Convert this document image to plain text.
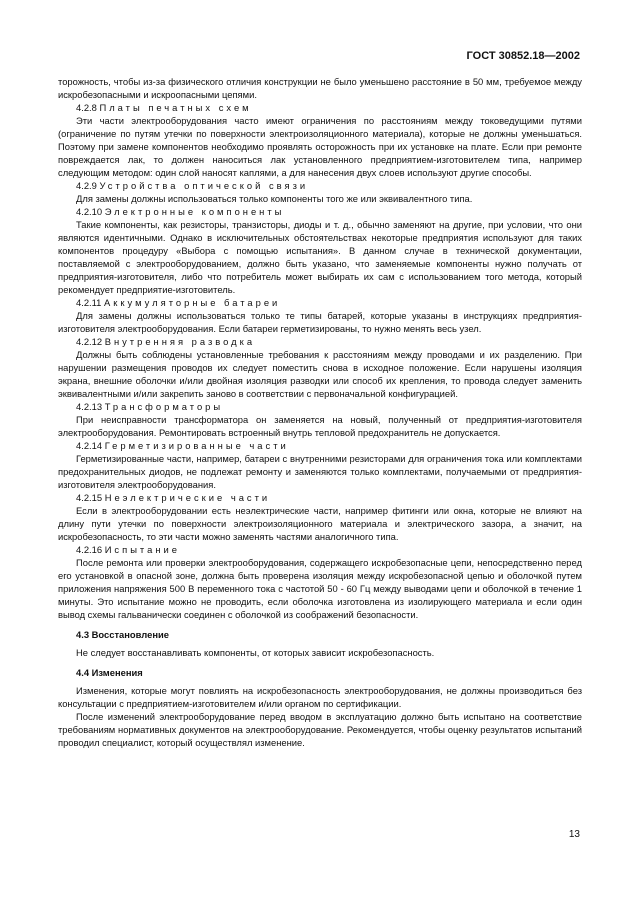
ГОСТ 30852.18—2002

торожность, чтобы из-за физического отличия конструкции не было уменьшено расстояние в 50 мм, требуемое между искробезопасными и искроопасными цепями.

4.2.8 Платы печатных схем

Эти части электрооборудования часто имеют ограничения по расстояниям между токоведущими путями (ограничение по путям утечки по поверхности электроизоляционного материала), которые не должны уменьшаться. Поэтому при замене компонентов необходимо проявлять осторожность при их установке на плате. Если при ремонте повреждается лак, то должен наноситься лак установленного предприятием-изготовителем типа, например следующим методом: один слой наносят каплями, а для нанесения двух слоев используют другие способы.

4.2.9 Устройства оптической связи

Для замены должны использоваться только компоненты того же или эквивалентного типа.

4.2.10 Электронные компоненты

Такие компоненты, как резисторы, транзисторы, диоды и т. д., обычно заменяют на другие, при условии, что они являются идентичными. Однако в исключительных обстоятельствах некоторые предприятия используют для таких компонентов процедуру «Выбора с помощью испытания». В данном случае в технической документации, поставляемой с электрооборудованием, должно быть указано, что заменяемые компоненты нужно получать от предприятия-изготовителя, либо что потребитель может выбирать их сам с использованием того метода, который рекомендует предприятие-изготовитель.

4.2.11 Аккумуляторные батареи

Для замены должны использоваться только те типы батарей, которые указаны в инструкциях предприятия-изготовителя электрооборудования. Если батареи герметизированы, то нужно менять весь узел.

4.2.12 Внутренняя разводка

Должны быть соблюдены установленные требования к расстояниям между проводами и их разделению. При нарушении размещения проводов их следует поместить снова в исходное положение. Если нарушены изоляция экрана, внешние оболочки и/или двойная изоляция разводки или способ их крепления, то провода следует заменить эквивалентными и/или закрепить заново в соответствии с первоначальной конфигурацией.

4.2.13 Трансформаторы

При неисправности трансформатора он заменяется на новый, полученный от предприятия-изготовителя электрооборудования. Ремонтировать встроенный внутрь тепловой предохранитель не допускается.

4.2.14 Герметизированные части

Герметизированные части, например, батареи с внутренними резисторами для ограничения тока или комплектами предохранительных диодов, не подлежат ремонту и заменяются только комплектами, получаемыми от предприятия-изготовителя электрооборудования.

4.2.15 Неэлектрические части

Если в электрооборудовании есть неэлектрические части, например фитинги или окна, которые не влияют на длину пути утечки по поверхности электроизоляционного материала и электрического зазора, а значит, на искробезопасность, то эти части можно заменять частями аналогичного типа.

4.2.16 Испытание

После ремонта или проверки электрооборудования, содержащего искробезопасные цепи, непосредственно перед его установкой в опасной зоне, должна быть проверена изоляция между искробезопасной цепью и оболочкой путем приложения напряжения 500 В переменного тока с частотой 50 - 60 Гц между выводами цепи и оболочкой в течение 1 минуты. Это испытание можно не проводить, если оболочка изготовлена из изолирующего материала и если один вывод схемы гальванически соединен с оболочкой из соображений безопасности.

4.3 Восстановление

Не следует восстанавливать компоненты, от которых зависит искробезопасность.

4.4 Изменения

Изменения, которые могут повлиять на искробезопасность электрооборудования, не должны производиться без консультации с предприятием-изготовителем и/или органом по сертификации.

После изменений электрооборудование перед вводом в эксплуатацию должно быть испытано на соответствие требованиям нормативных документов на электрооборудование. Рекомендуется, чтобы оценку результатов испытаний проводил специалист, который осуществлял изменение.

13
